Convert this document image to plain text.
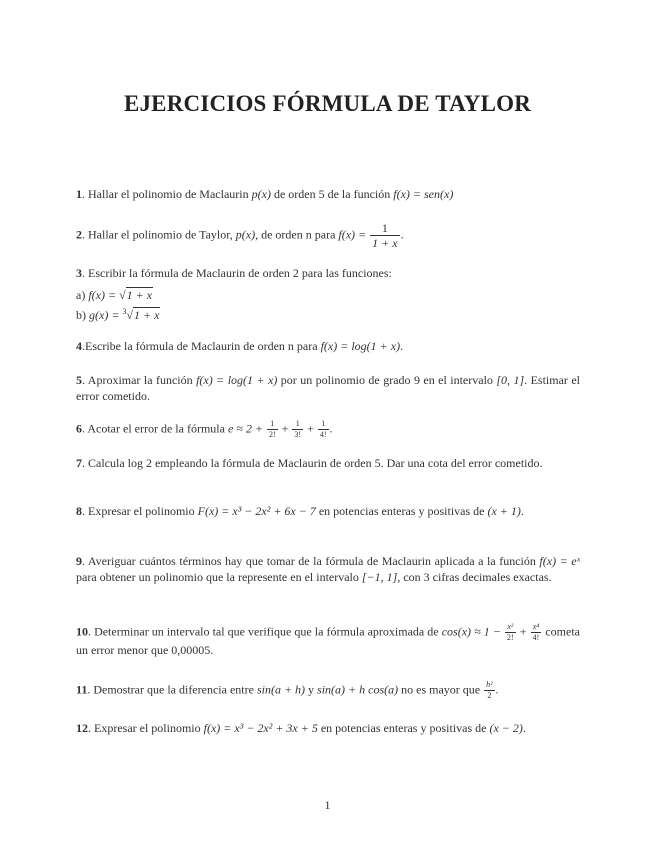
EJERCICIOS FÓRMULA DE TAYLOR
1. Hallar el polinomio de Maclaurin p(x) de orden 5 de la función f(x) = sen(x)
2. Hallar el polinomio de Taylor, p(x), de orden n para $f(x) = \frac{1}{1 + x}$ .
3. Escribir la fórmula de Maclaurin de orden 2 para las funciones:
a) f(x) = √1 + x
b) g(x) = $^3$√1 + x
4.Escribe la fórmula de Maclaurin de orden n para f(x) = log(1 + x).
5. Aproximar la función f(x) = log(1 + x) por un polinomio de grado 9 en el intervalo [0, 1]. Estimar el error cometido.
6. Acotar el error de la fórmula $e \approx 2 + \frac{1}{2!} + \frac{1}{3!} + \frac{1}{4!}$ .
7. Calcula log 2 empleando la fórmula de Maclaurin de orden 5. Dar una cota del error cometido.
8. Expresar el polinomio F(x) = x³ − 2x² + 6x − 7 en potencias enteras y positivas de (x + 1).
9. Averiguar cuántos términos hay que tomar de la fórmula de Maclaurin aplicada a la función f(x) = eˣ para obtener un polinomio que la represente en el intervalo [−1, 1], con 3 cifras decimales exactas.
10. Determinar un intervalo tal que verifique que la fórmula aproximada de $\cos(x) \approx 1 - \frac{\text{x²}}{2!} + \frac{\text{x⁴}}{4!}$ cometa un error menor que 0,00005.
11. Demostrar que la diferencia entre sin(a + h) y sin(a) + h cos(a) no es mayor que $\frac{\text{h²}}{2}$ .
12. Expresar el polinomio f(x) = x³ − 2x² + 3x + 5 en potencias enteras y positivas de (x − 2).
1
